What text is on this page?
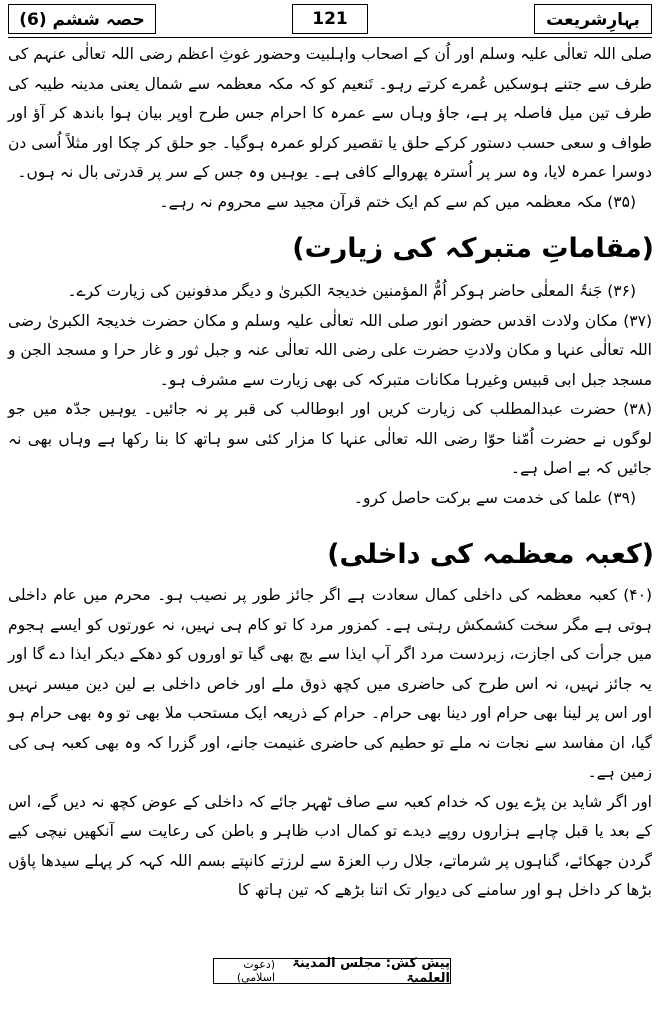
حصہ ششم (6)	121	بہارِشریعت

صلی اللہ تعالٰی علیہ وسلم اور اُن کے اصحاب واہلبیت وحضور غوثِ اعظم رضی اللہ تعالٰی عنہم کی طرف سے جتنے ہوسکیں عُمرے کرتے رہو۔ تَنعیم کو کہ مکہ معظمہ سے شمال یعنی مدینہ طیبہ کی طرف تین میل فاصلہ پر ہے، جاؤ وہاں سے عمرہ کا احرام جس طرح اوپر بیان ہوا باندھ کر آؤ اور طواف و سعی حسب دستور کرکے حلق یا تقصیر کرلو عمرہ ہوگیا۔ جو حلق کر چکا اور مثلاً اُسی دن دوسرا عمرہ لایا، وہ سر پر اُسترہ پھروالے کافی ہے۔ یوہیں وہ جس کے سر پر قدرتی بال نہ ہوں۔

(۳۵) مکہ معظمہ میں کم سے کم ایک ختم قرآن مجید سے محروم نہ رہے۔

(مقاماتِ متبرکہ کی زیارت)

(۳۶) جَنۃُ المعلٰی حاضر ہوکر اُمُّ المؤمنین خدیجۃ الکبریٰ و دیگر مدفونین کی زیارت کرے۔

(۳۷) مکان ولادت اقدس حضور انور صلی اللہ تعالٰی علیہ وسلم و مکان حضرت خدیجۃ الکبریٰ رضی اللہ تعالٰی عنہا و مکان ولادتِ حضرت علی رضی اللہ تعالٰی عنہ و جبل ثور و غار حرا و مسجد الجن و مسجد جبل ابی قبیس وغیرہا مکانات متبرکہ کی بھی زیارت سے مشرف ہو۔

(۳۸) حضرت عبدالمطلب کی زیارت کریں اور ابوطالب کی قبر پر نہ جائیں۔ یوہیں جدّہ میں جو لوگوں نے حضرت اُمّنا حوّا رضی اللہ تعالٰی عنہا کا مزار کئی سو ہاتھ کا بنا رکھا ہے وہاں بھی نہ جائیں کہ بے اصل ہے۔

(۳۹) علما کی خدمت سے برکت حاصل کرو۔

(کعبہ معظمہ کی داخلی)

(۴۰) کعبہ معظمہ کی داخلی کمال سعادت ہے اگر جائز طور پر نصیب ہو۔ محرم میں عام داخلی ہوتی ہے مگر سخت کشمکش رہتی ہے۔ کمزور مرد کا تو کام ہی نہیں، نہ عورتوں کو ایسے ہجوم میں جرأت کی اجازت، زبردست مرد اگر آپ ایذا سے بچ بھی گیا تو اوروں کو دھکے دیکر ایذا دے گا اور یہ جائز نہیں، نہ اس طرح کی حاضری میں کچھ ذوق ملے اور خاص داخلی بے لین دین میسر نہیں اور اس پر لینا بھی حرام اور دینا بھی حرام۔ حرام کے ذریعہ ایک مستحب ملا بھی تو وہ بھی حرام ہو گیا، ان مفاسد سے نجات نہ ملے تو حطیم کی حاضری غنیمت جانے، اور گزرا کہ وہ بھی کعبہ ہی کی زمین ہے۔

اور اگر شاید بن پڑے یوں کہ خدام کعبہ سے صاف ٹھہر جائے کہ داخلی کے عوض کچھ نہ دیں گے، اس کے بعد یا قبل چاہے ہزاروں روپے دیدے تو کمال ادب ظاہر و باطن کی رعایت سے آنکھیں نیچی کیے گردن جھکائے، گناہوں پر شرماتے، جلال رب العزۃ سے لرزتے کانپتے بسم اللہ کہہ کر پہلے سیدھا پاؤں بڑھا کر داخل ہو اور سامنے کی دیوار تک اتنا بڑھے کہ تین ہاتھ کا

پیش کش: مجلس المدینۃ العلمیۃ
(دعوت اسلامی)
